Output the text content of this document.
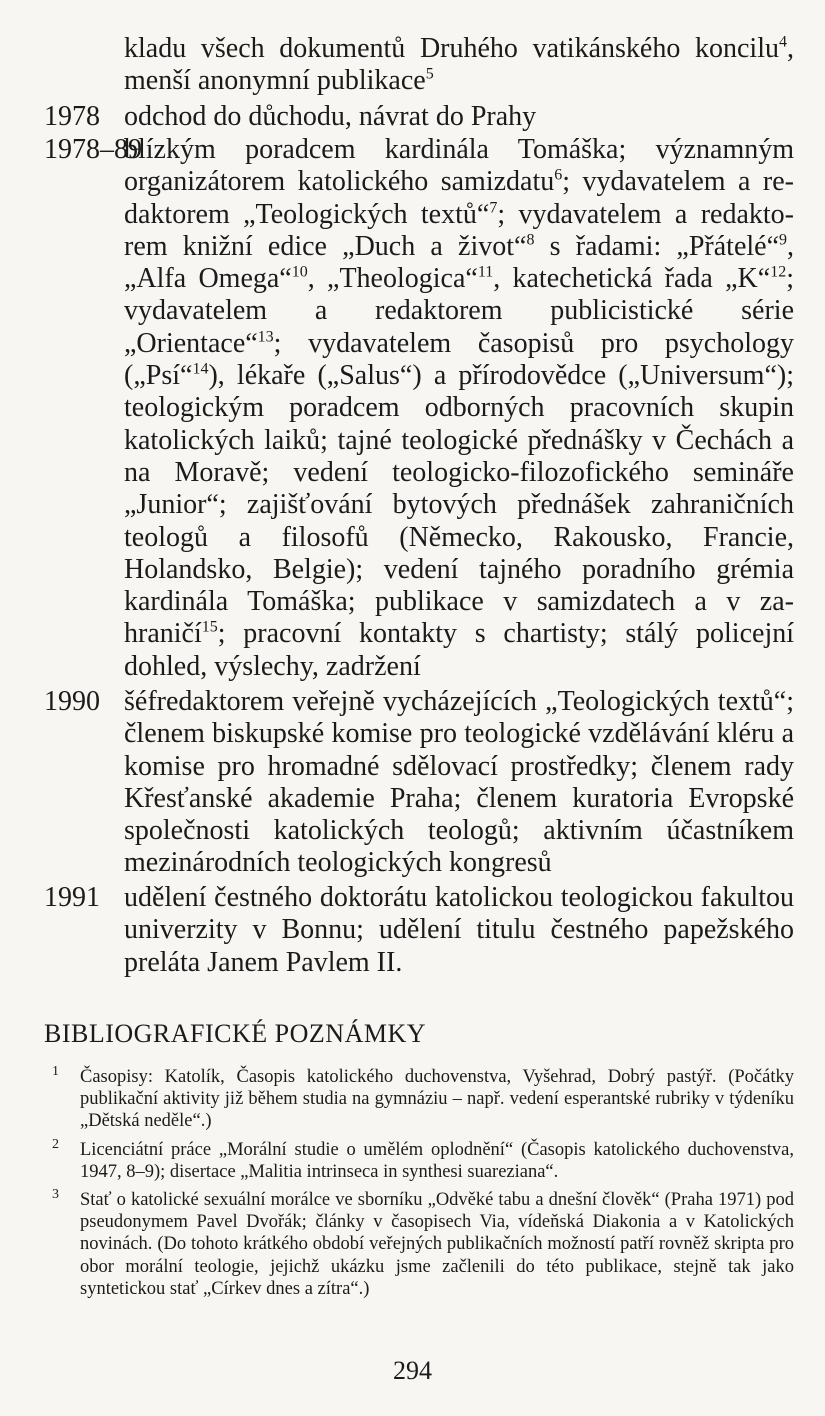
kladu všech dokumentů Druhého vatikánského koncilu$^4$, menší anonymní publikace$^5$
1978 odchod do důchodu, návrat do Prahy
1978–89
blízkým poradcem kardinála Tomáška; významným organizátorem katolického samizdatu$^6$; vydavatelem a redaktorem „Teologických textů“$^7$; vydavatelem a redaktorem knižní edice „Duch a život“$^8$ s řadami: „Přátelé“$^9$, „Alfa Omega“$^{10}$, „Theologica“$^{11}$, katechetická řada „K“$^{12}$; vydavatelem a redaktorem publicistické série „Orientace“$^{13}$; vydavatelem časopisů pro psychology („Psí“$^{14}$), lékaře („Salus“) a přírodovědce („Universum“); teologickým poradcem odborných pracovních skupin katolických laiků; tajné teologické přednášky v Čechách a na Moravě; vedení teologicko-filozofického semináře „Junior“; zajišťování bytových přednášek zahraničních teologů a filosofů (Německo, Rakousko, Francie, Holandsko, Belgie); vedení tajného poradního grémia kardinála Tomáška; publikace v samizdatech a v zahraničí$^{15}$; pracovní kontakty s chartisty; stálý policejní dohled, výslechy, zadržení
1990 šéfredaktorem veřejně vycházejících „Teologických textů“; členem biskupské komise pro teologické vzdělávání kléru a komise pro hromadné sdělovací prostředky; členem rady Křesťanské akademie Praha; členem kuratoria Evropské společnosti katolických teologů; aktivním účastníkem mezinárodních teologických kongresů
1991 udělení čestného doktorátu katolickou teologickou fakultou univerzity v Bonnu; udělení titulu čestného papežského preláta Janem Pavlem II.
BIBLIOGRAFICKÉ POZNÁMKY
1 Časopisy: Katolík, Časopis katolického duchovenstva, Vyšehrad, Dobrý pastýř. (Počátky publikační aktivity již během studia na gymnáziu – např. vedení esperantské rubriky v týdeníku „Dětská neděle“.)
2 Licenciátní práce „Morální studie o umělém oplodnění“ (Časopis katolického duchovenstva, 1947, 8–9); disertace „Malitia intrinseca in synthesi suareziana“.
3 Stať o katolické sexuální morálce ve sborníku „Odvěké tabu a dnešní člověk“ (Praha 1971) pod pseudonymem Pavel Dvořák; články v časopisech Via, vídeňská Diakonia a v Katolických novinách. (Do tohoto krátkého období veřejných publikačních možností patří rovněž skripta pro obor morální teologie, jejichž ukázku jsme začlenili do této publikace, stejně tak jako syntetickou stať „Církev dnes a zítra“.)
294
